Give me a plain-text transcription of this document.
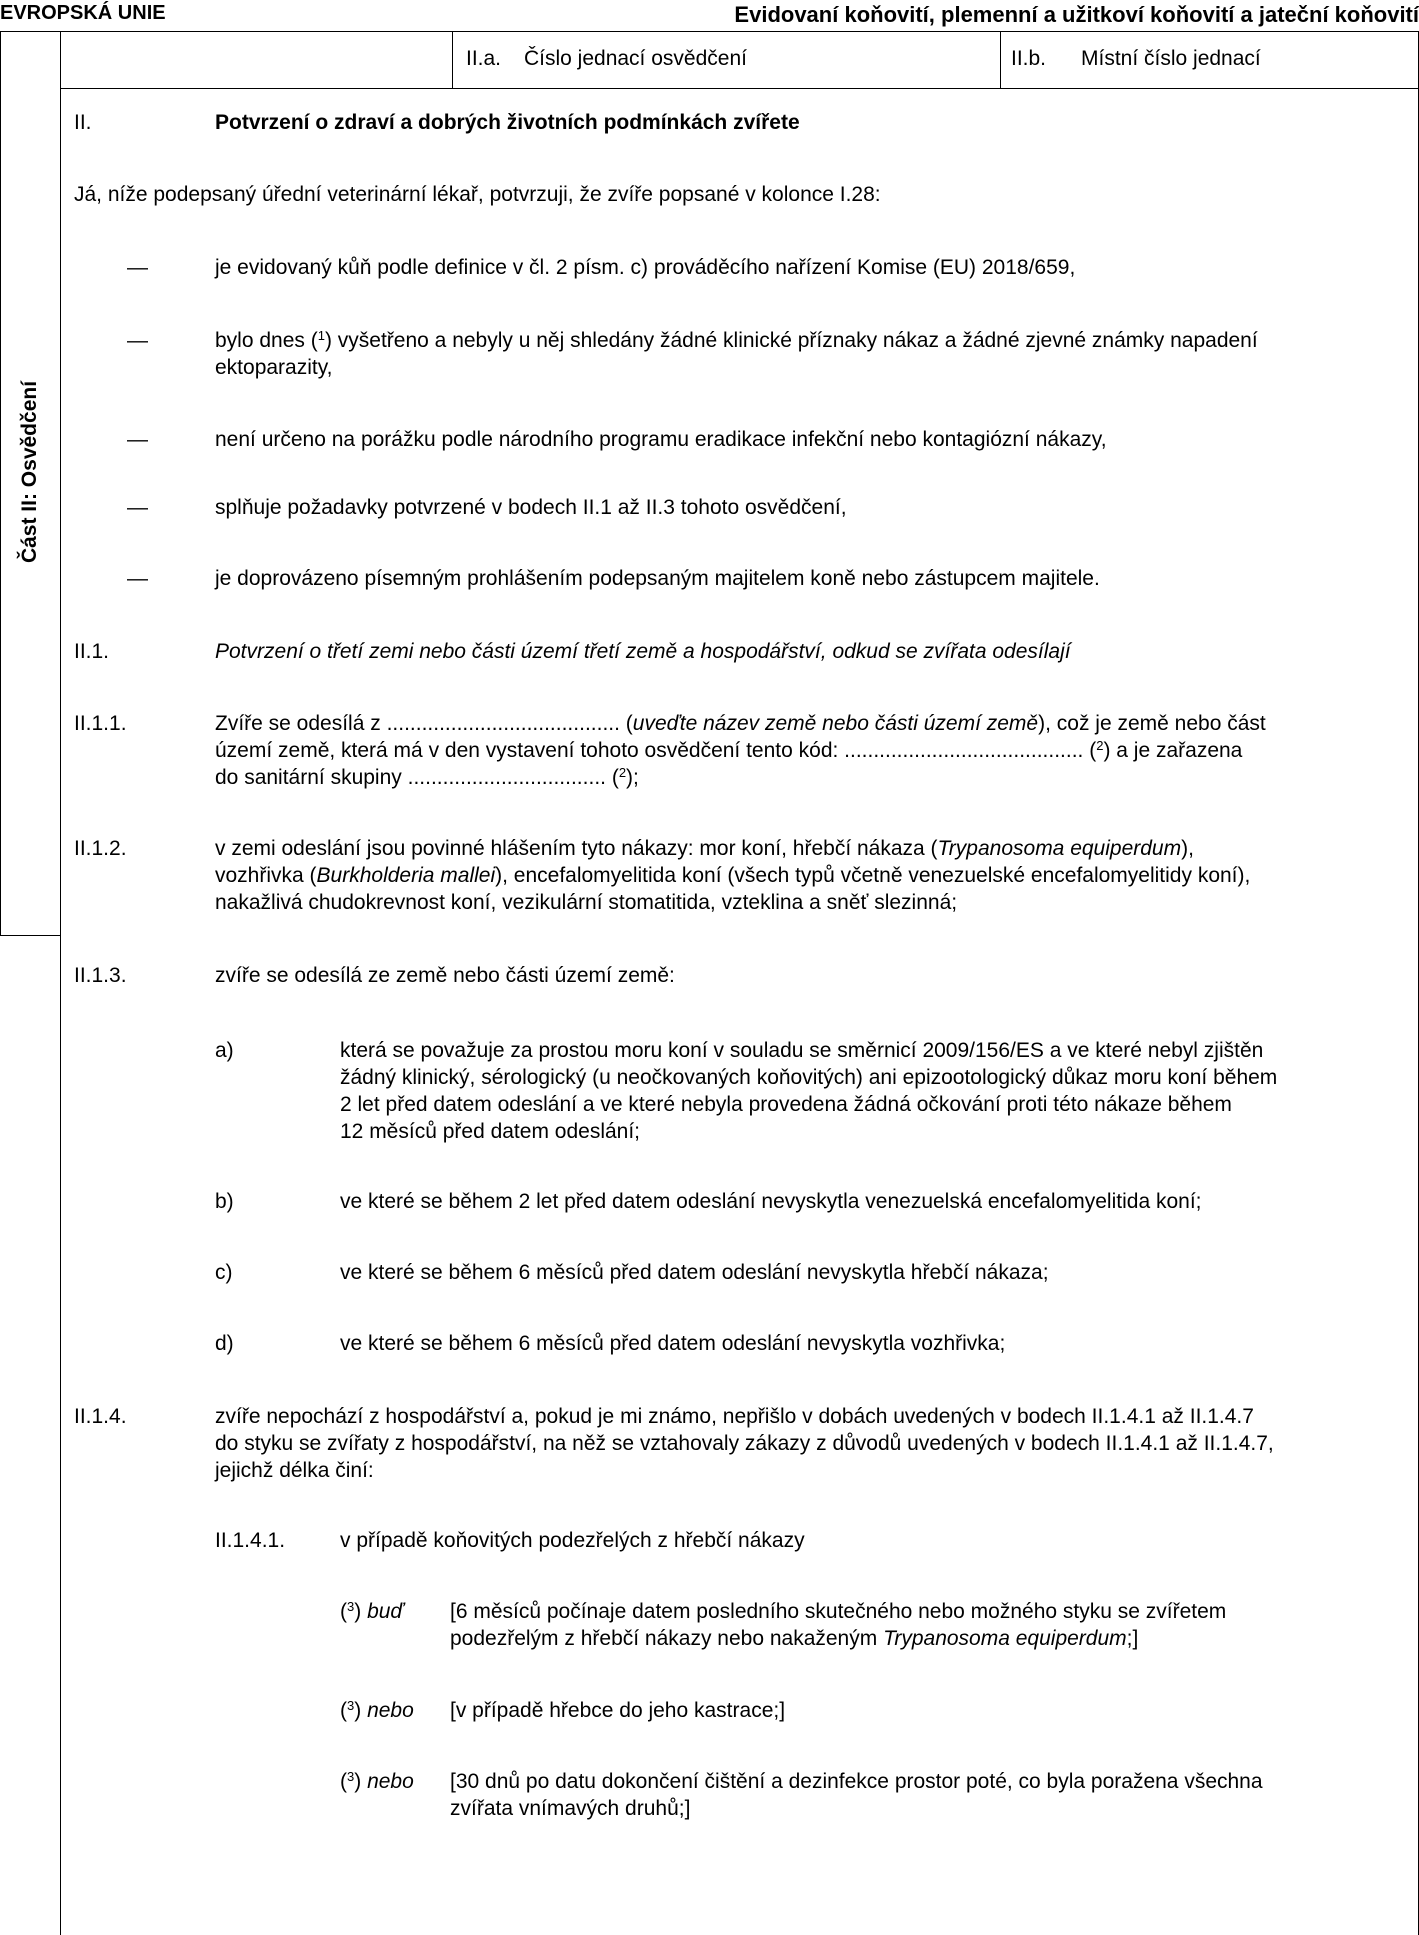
EVROPSKÁ UNIE	Evidovaní koňovití, plemenní a užitkoví koňovití a jateční koňovití
II.a. Číslo jednací osvědčení	II.b. Místní číslo jednací
Část II: Osvědčení
II.	Potvrzení o zdraví a dobrých životních podmínkách zvířete
Já, níže podepsaný úřední veterinární lékař, potvrzuji, že zvíře popsané v kolonce I.28:
—	je evidovaný kůň podle definice v čl. 2 písm. c) prováděcího nařízení Komise (EU) 2018/659,
—	bylo dnes ($^1$) vyšetřeno a nebyly u něj shledány žádné klinické příznaky nákaz a žádné zjevné známky napadení
ektoparazity,
—	není určeno na porážku podle národního programu eradikace infekční nebo kontagiózní nákazy,
—	splňuje požadavky potvrzené v bodech II.1 až II.3 tohoto osvědčení,
—	je doprovázeno písemným prohlášením podepsaným majitelem koně nebo zástupcem majitele.
II.1.	Potvrzení o třetí zemi nebo části území třetí země a hospodářství, odkud se zvířata odesílají
II.1.1.	Zvíře se odesílá z ........................................ (uveďte název země nebo části území země), což je země nebo část
území země, která má v den vystavení tohoto osvědčení tento kód: ......................................... ($^2$) a je zařazena
do sanitární skupiny .................................. ($^2$);
II.1.2.	v zemi odeslání jsou povinné hlášením tyto nákazy: mor koní, hřebčí nákaza (Trypanosoma equiperdum),
vozhřivka (Burkholderia mallei), encefalomyelitida koní (všech typů včetně venezuelské encefalomyelitidy koní),
nakažlivá chudokrevnost koní, vezikulární stomatitida, vzteklina a sněť slezinná;
II.1.3.	zvíře se odesílá ze země nebo části území země:
a)	která se považuje za prostou moru koní v souladu se směrnicí 2009/156/ES a ve které nebyl zjištěn
žádný klinický, sérologický (u neočkovaných koňovitých) ani epizootologický důkaz moru koní během
2 let před datem odeslání a ve které nebyla provedena žádná očkování proti této nákaze během
12 měsíců před datem odeslání;
b)	ve které se během 2 let před datem odeslání nevyskytla venezuelská encefalomyelitida koní;
c)	ve které se během 6 měsíců před datem odeslání nevyskytla hřebčí nákaza;
d)	ve které se během 6 měsíců před datem odeslání nevyskytla vozhřivka;
II.1.4.	zvíře nepochází z hospodářství a, pokud je mi známo, nepřišlo v dobách uvedených v bodech II.1.4.1 až II.1.4.7
do styku se zvířaty z hospodářství, na něž se vztahovaly zákazy z důvodů uvedených v bodech II.1.4.1 až II.1.4.7,
jejichž délka činí:
II.1.4.1.	v případě koňovitých podezřelých z hřebčí nákazy
($^3$) buď [6 měsíců počínaje datem posledního skutečného nebo možného styku se zvířetem
podezřelým z hřebčí nákazy nebo nakaženým Trypanosoma equiperdum;]
($^3$) nebo [v případě hřebce do jeho kastrace;]
($^3$) nebo [30 dnů po datu dokončení čištění a dezinfekce prostor poté, co byla poražena všechna
zvířata vnímavých druhů;]
